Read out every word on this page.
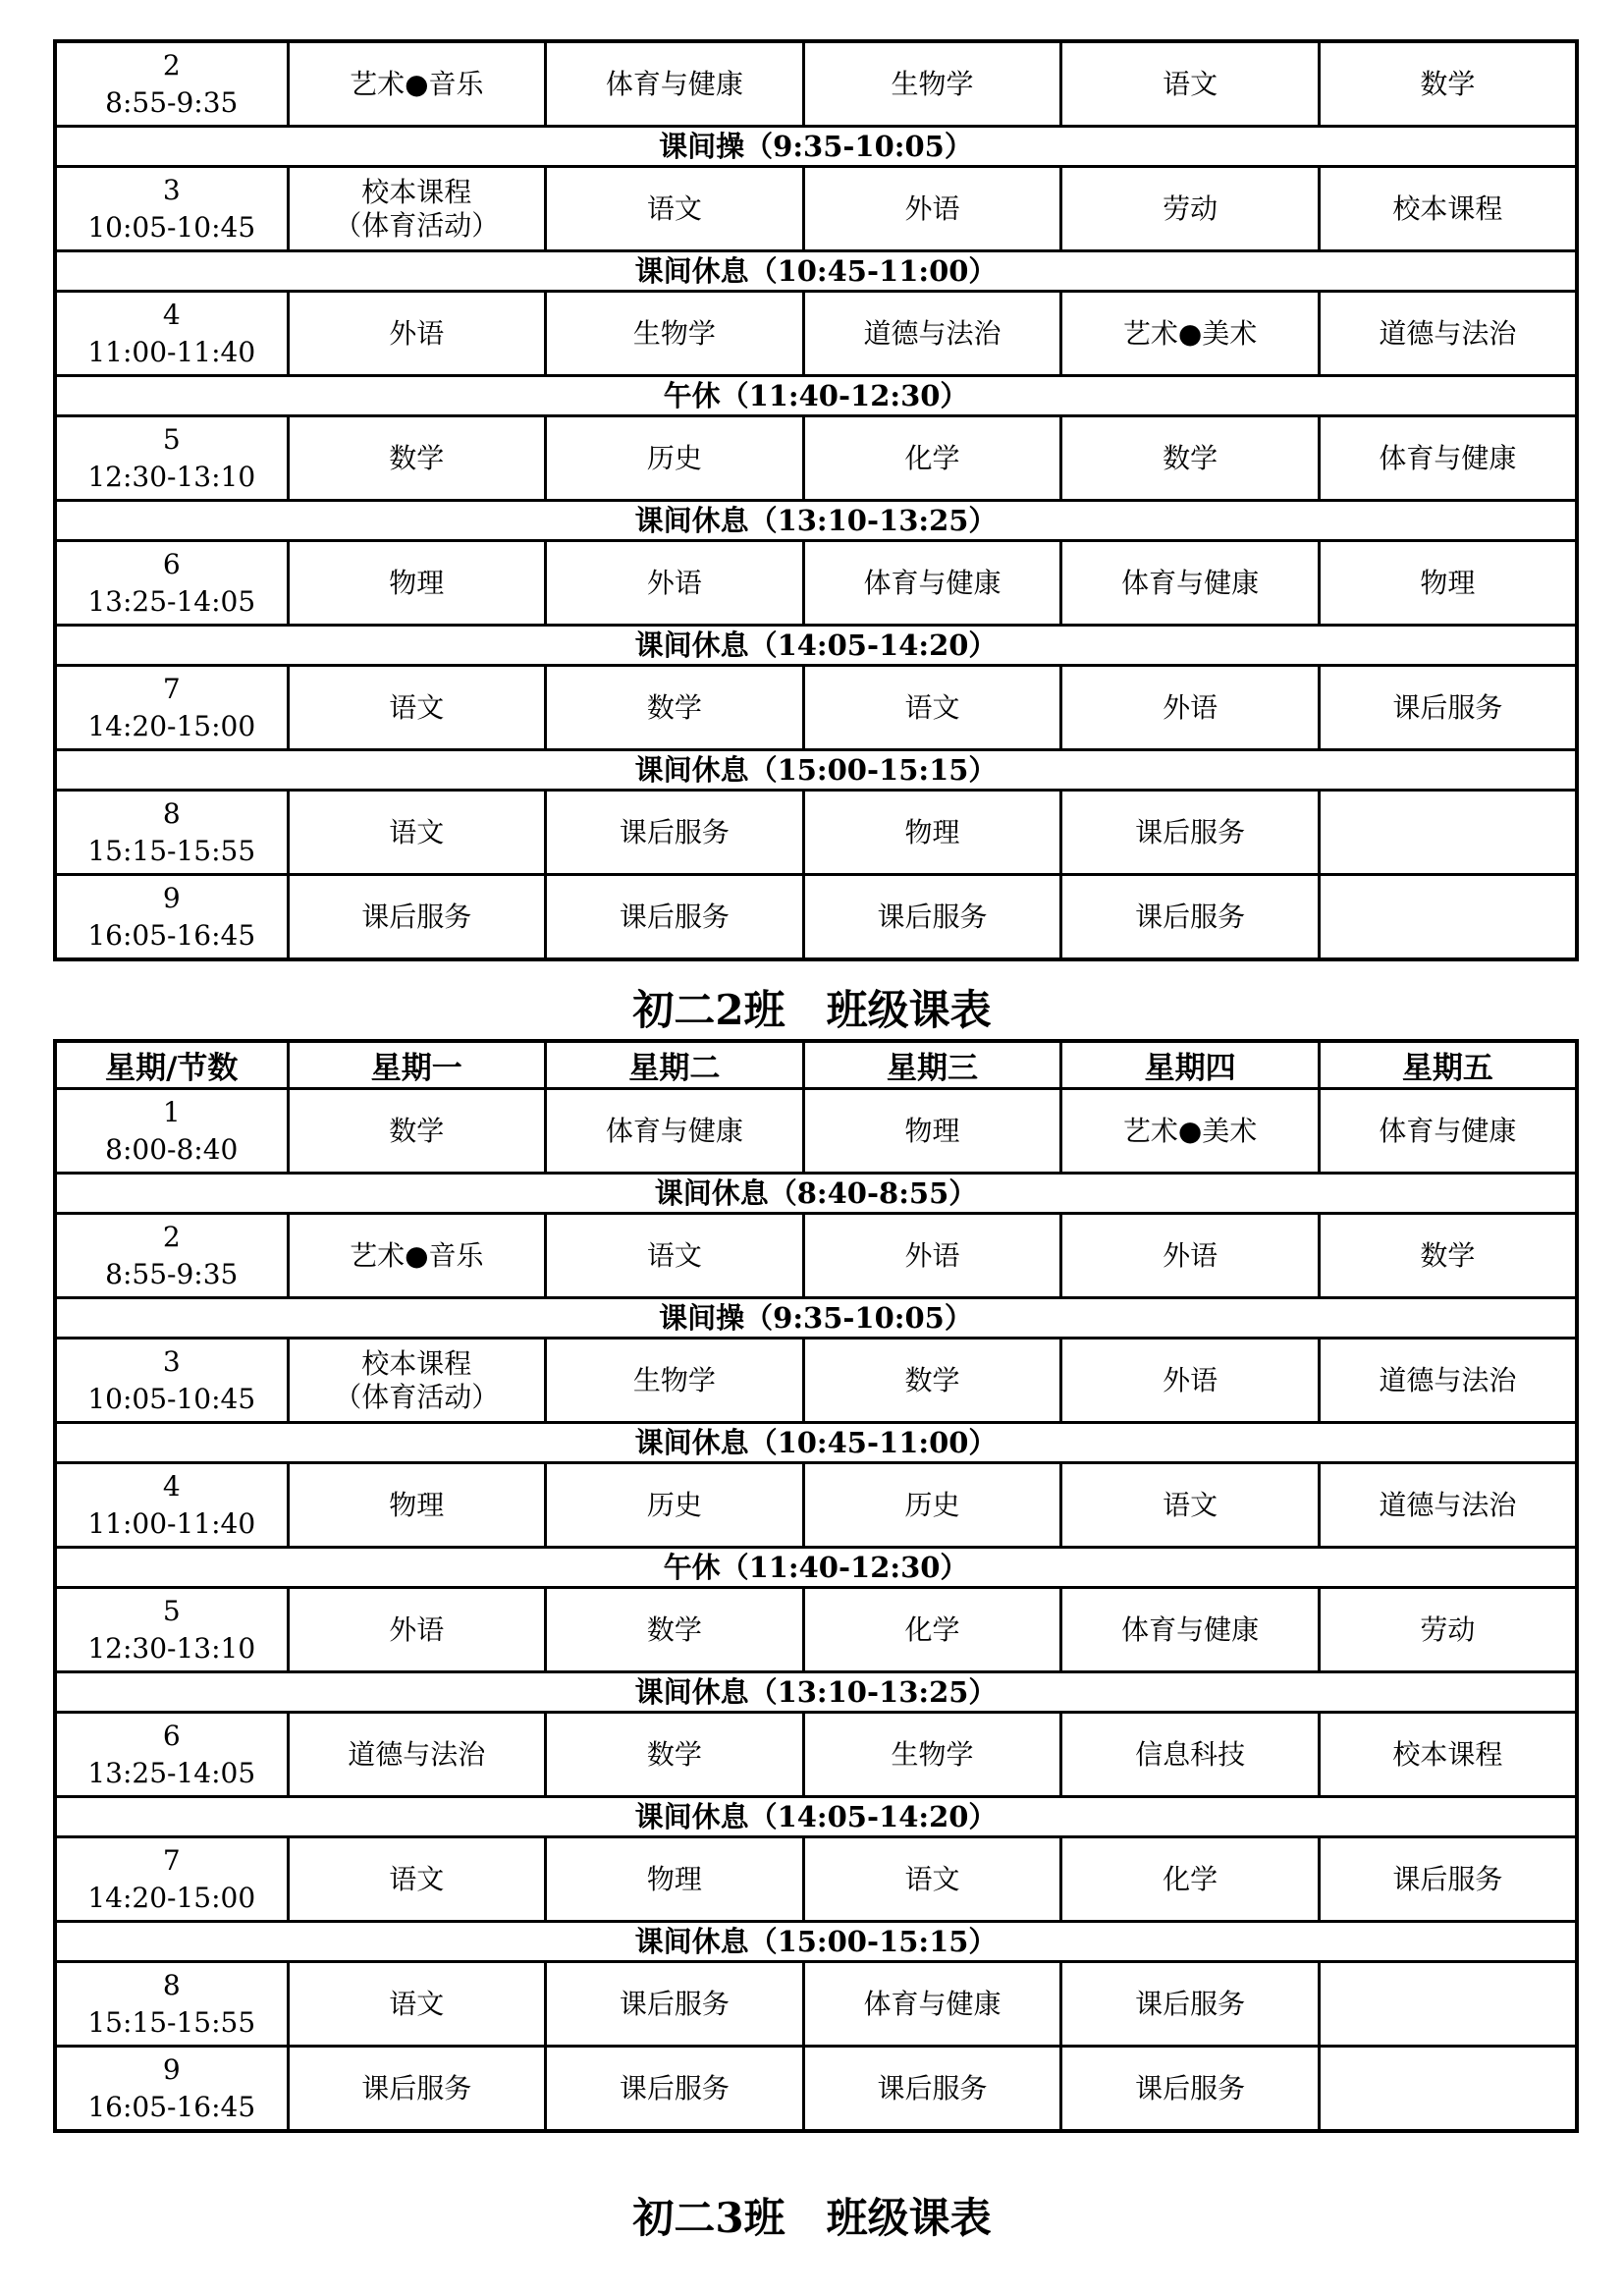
2
8:55-9:35	艺术●音乐	体育与健康	生物学	语文	数学
课间操（9:35-10:05）					

3
10:05-10:45	校本课程
（体育活动）	语文	外语	劳动	校本课程
课间休息（10:45-11:00）					

4
11:00-11:40	外语	生物学	道德与法治	艺术●美术	道德与法治
午休（11:40-12:30）					

5
12:30-13:10	数学	历史	化学	数学	体育与健康
课间休息（13:10-13:25）					

6
13:25-14:05	物理	外语	体育与健康	体育与健康	物理
课间休息（14:05-14:20）					

7
14:20-15:00	语文	数学	语文	外语	课后服务
课间休息（15:00-15:15）					

8
15:15-15:55	语文	课后服务	物理	课后服务	

9
16:05-16:45	课后服务	课后服务	课后服务	课后服务	
初二2班　班级课表
星期/节数	星期一	星期二	星期三	星期四	星期五

1
8:00-8:40	数学	体育与健康	物理	艺术●美术	体育与健康
课间休息（8:40-8:55）					

2
8:55-9:35	艺术●音乐	语文	外语	外语	数学
课间操（9:35-10:05）					

3
10:05-10:45	校本课程
（体育活动）	生物学	数学	外语	道德与法治
课间休息（10:45-11:00）					

4
11:00-11:40	物理	历史	历史	语文	道德与法治
午休（11:40-12:30）					

5
12:30-13:10	外语	数学	化学	体育与健康	劳动
课间休息（13:10-13:25）					

6
13:25-14:05	道德与法治	数学	生物学	信息科技	校本课程
课间休息（14:05-14:20）					

7
14:20-15:00	语文	物理	语文	化学	课后服务
课间休息（15:00-15:15）					

8
15:15-15:55	语文	课后服务	体育与健康	课后服务	

9
16:05-16:45	课后服务	课后服务	课后服务	课后服务	
初二3班　班级课表
